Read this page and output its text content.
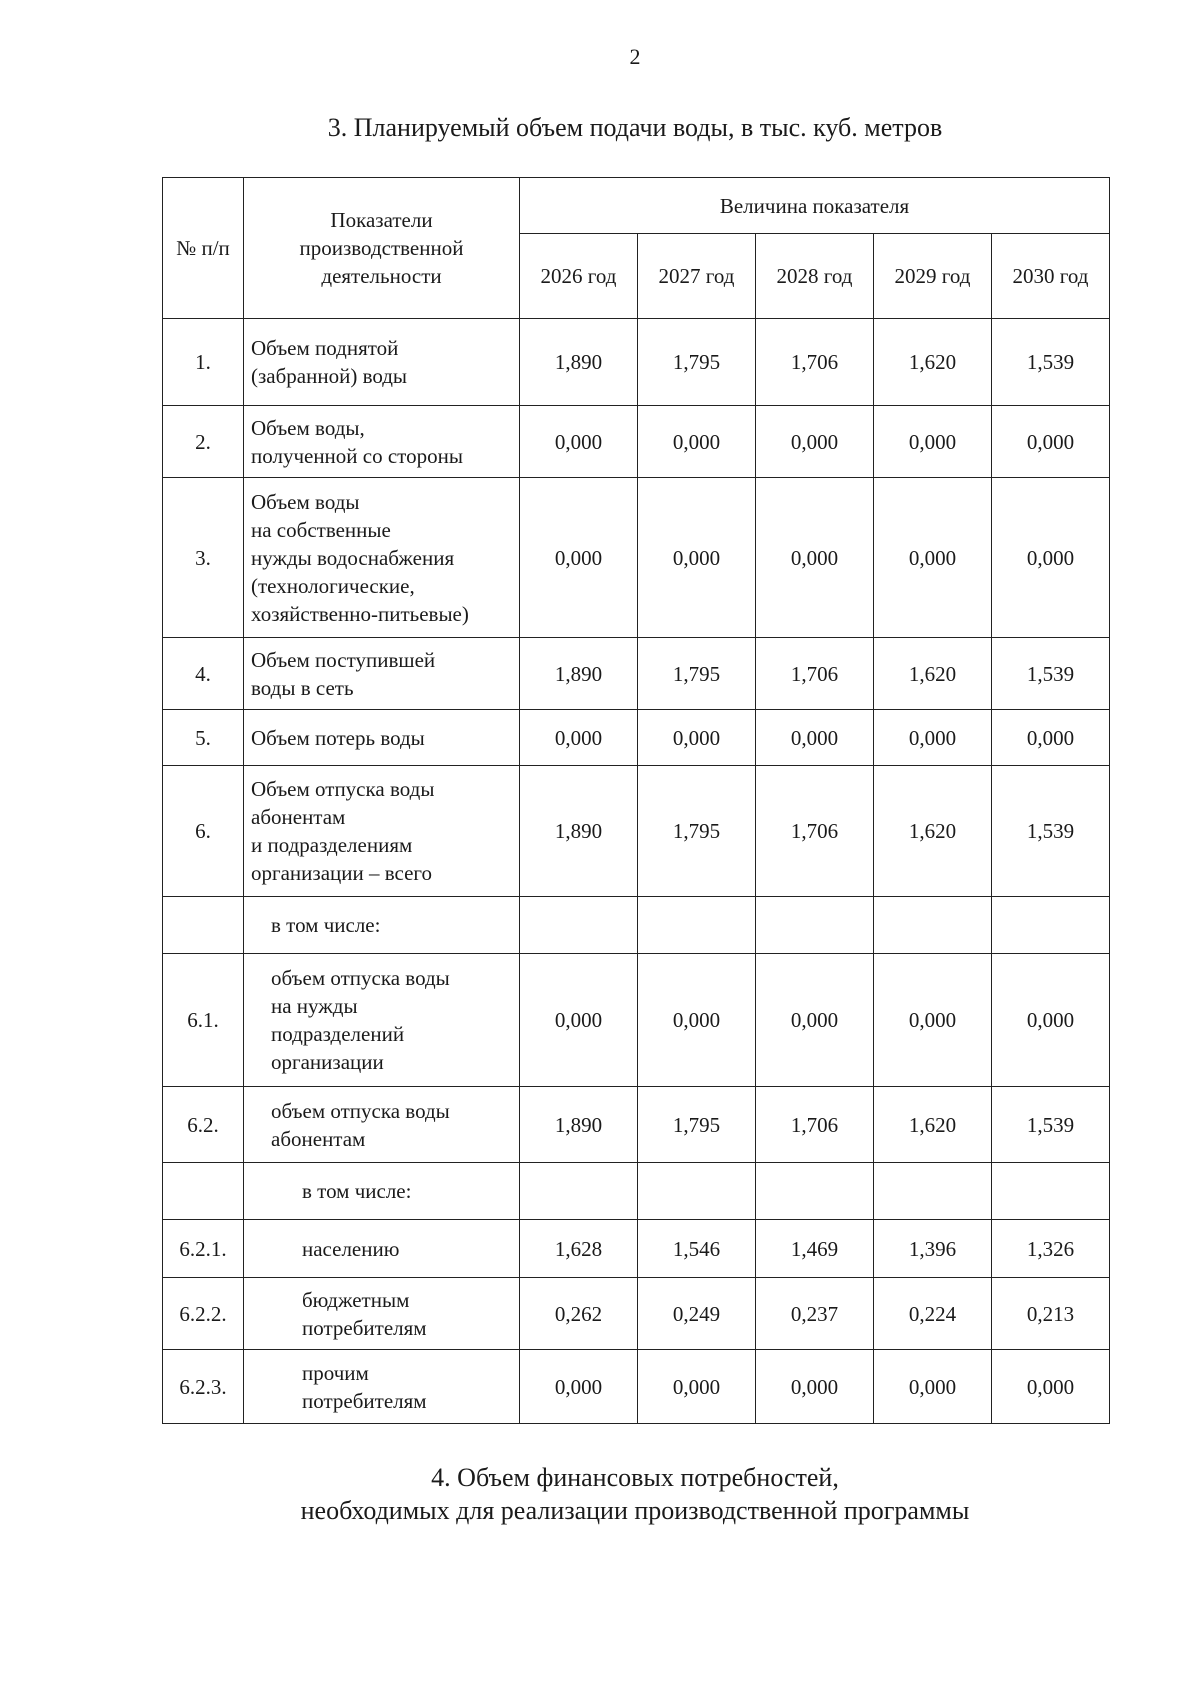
2
3. Планируемый объем подачи воды, в тыс. куб. метров
№ п/п	Показатели
производственной
деятельности	Величина показателя				
		2026 год	2027 год	2028 год	2029 год	2030 год
1.	Объем поднятой
(забранной) воды	1,890	1,795	1,706	1,620	1,539
2.	Объем воды,
полученной со стороны	0,000	0,000	0,000	0,000	0,000
3.	Объем воды
на собственные
нужды водоснабжения
(технологические,
хозяйственно-питьевые)	0,000	0,000	0,000	0,000	0,000
4.	Объем поступившей
воды в сеть	1,890	1,795	1,706	1,620	1,539
5.	Объем потерь воды	0,000	0,000	0,000	0,000	0,000
6.	Объем отпуска воды
абонентам
и подразделениям
организации – всего	1,890	1,795	1,706	1,620	1,539
	в том числе:					
6.1.	объем отпуска воды
на нужды
подразделений
организации	0,000	0,000	0,000	0,000	0,000
6.2.	объем отпуска воды
абонентам	1,890	1,795	1,706	1,620	1,539
	в том числе:					
6.2.1.	населению	1,628	1,546	1,469	1,396	1,326
6.2.2.	бюджетным
потребителям	0,262	0,249	0,237	0,224	0,213
6.2.3.	прочим
потребителям	0,000	0,000	0,000	0,000	0,000
4. Объем финансовых потребностей,
необходимых для реализации производственной программы
